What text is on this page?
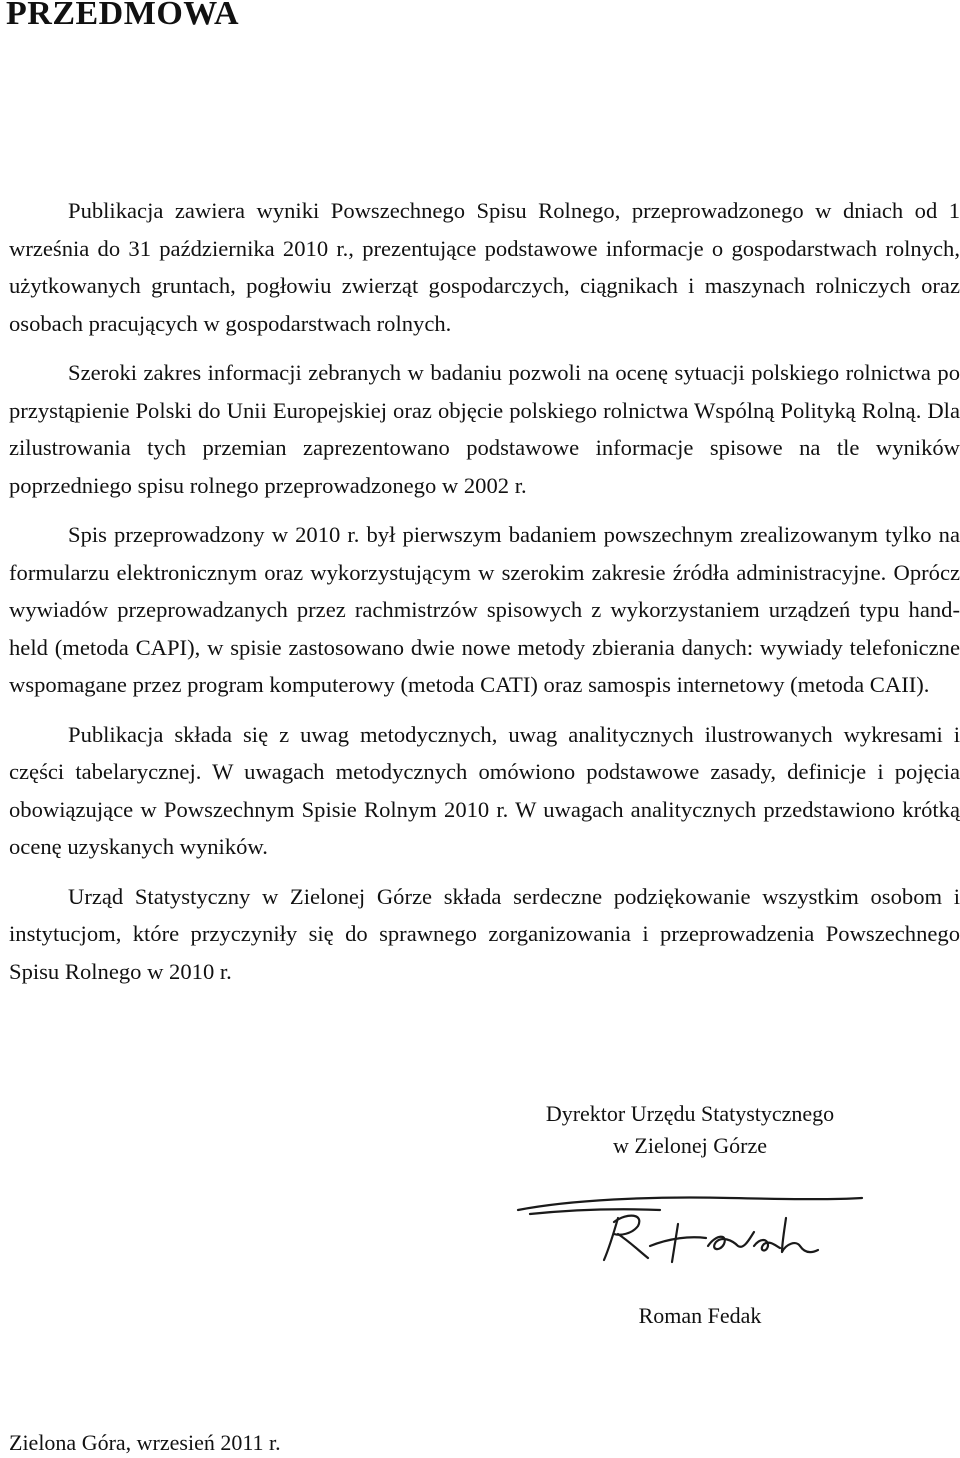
PRZEDMOWA

Publikacja zawiera wyniki Powszechnego Spisu Rolnego, przeprowadzonego w dniach od 1 września do 31 października 2010 r., prezentujące podstawowe informacje o gospodarstwach rolnych, użytkowanych gruntach, pogłowiu zwierząt gospodarczych, ciągnikach i maszynach rolniczych oraz osobach pracujących w gospodarstwach rolnych.

Szeroki zakres informacji zebranych w badaniu pozwoli na ocenę sytuacji polskiego rolnictwa po przystąpienie Polski do Unii Europejskiej oraz objęcie polskiego rolnictwa Wspólną Polityką Rolną. Dla zilustrowania tych przemian zaprezentowano podstawowe informacje spisowe na tle wyników poprzedniego spisu rolnego przeprowadzonego w 2002 r.

Spis przeprowadzony w 2010 r. był pierwszym badaniem powszechnym zrealizowanym tylko na formularzu elektronicznym oraz wykorzystującym w szerokim zakresie źródła administracyjne. Oprócz wywiadów przeprowadzanych przez rachmistrzów spisowych z wykorzystaniem urządzeń typu hand-held (metoda CAPI), w spisie zastosowano dwie nowe metody zbierania danych: wywiady telefoniczne wspomagane przez program komputerowy (metoda CATI) oraz samospis internetowy (metoda CAII).

Publikacja składa się z uwag metodycznych, uwag analitycznych ilustrowanych wykresami i części tabelarycznej. W uwagach metodycznych omówiono podstawowe zasady, definicje i pojęcia obowiązujące w Powszechnym Spisie Rolnym 2010 r. W uwagach analitycznych przedstawiono krótką ocenę uzyskanych wyników.

Urząd Statystyczny w Zielonej Górze składa serdeczne podziękowanie wszystkim osobom i instytucjom, które przyczyniły się do sprawnego zorganizowania i przeprowadzenia Powszechnego Spisu Rolnego w 2010 r.

Dyrektor Urzędu Statystycznego

w Zielonej Górze

Roman Fedak

Zielona Góra, wrzesień 2011 r.
